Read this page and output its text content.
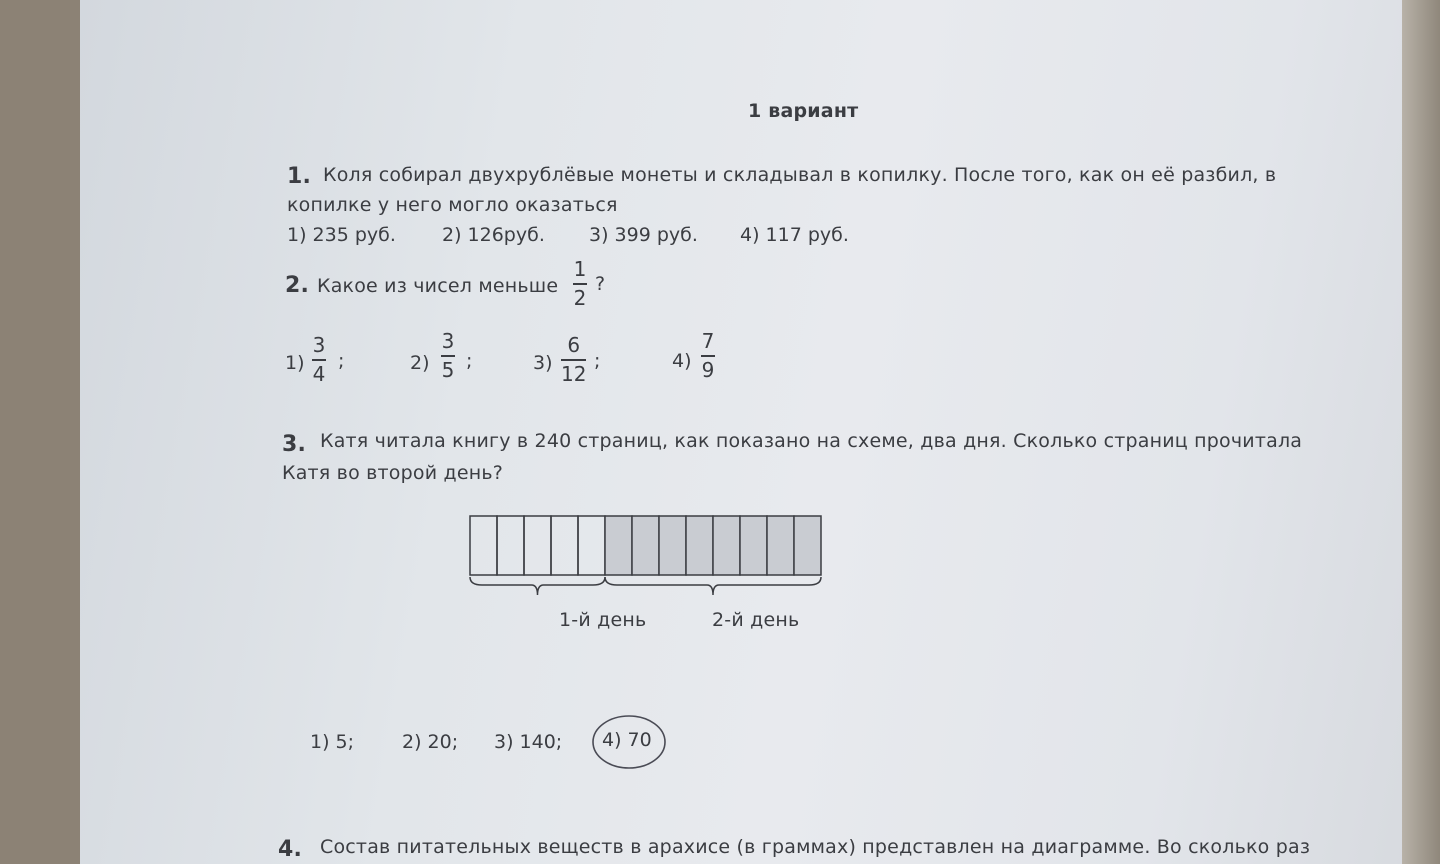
1 вариант
1. Коля собирал двухрублёвые монеты и складывал в копилку. После того, как он её разбил, в
копилке у него могло оказаться
1) 235 руб. 2) 126руб. 3) 399 руб. 4) 117 руб.
2. Какое из чисел меньше
1
2
?
1)
3
4
;	2)
3
5 ;	3)
6
12
;	4)
7
9
3. Катя читала книгу в 240 страниц, как показано на схеме, два дня. Сколько страниц прочитала
Катя во второй день?
1-й день	2-й день
1) 5;	2) 20; 3) 140; 4) 70
4. Состав питательных веществ в арахисе (в граммах) представлен на диаграмме. Во сколько раз
